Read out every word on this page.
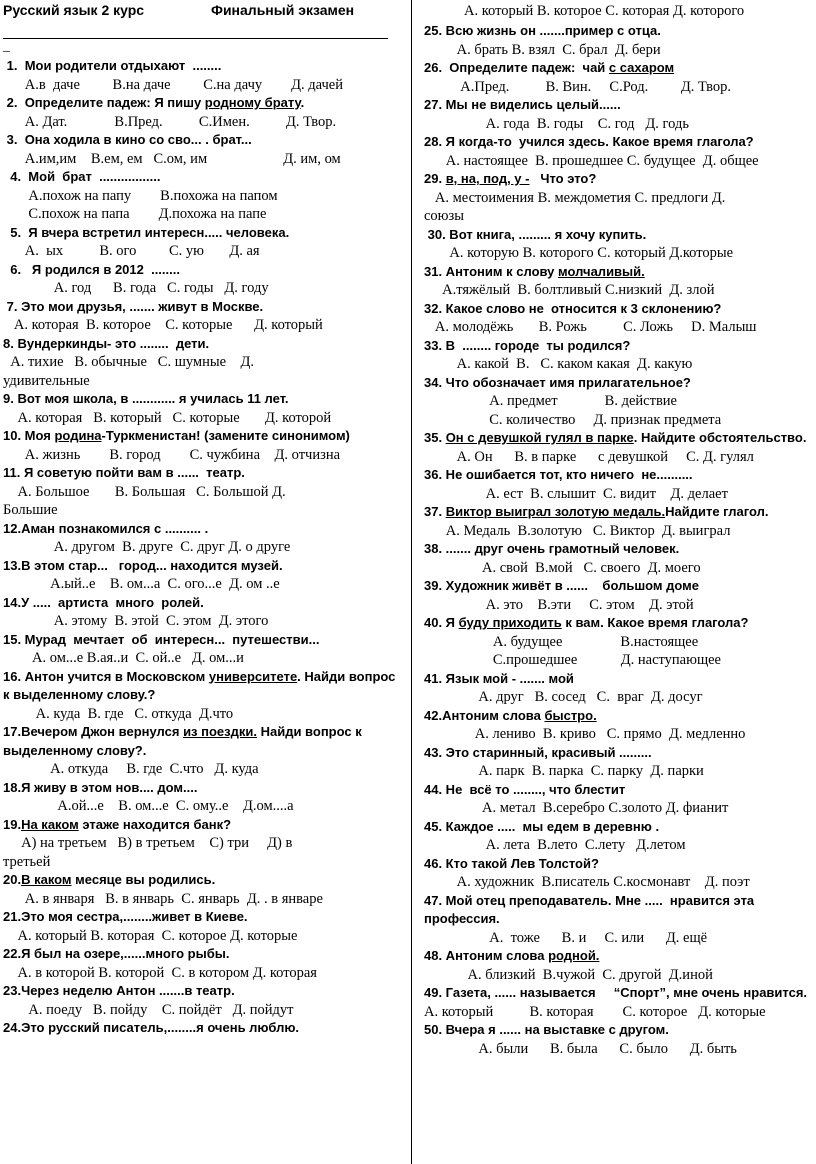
Русский язык 2 курс	Финальный экзамен
_
1.  Мои родители отдыхают  ........
А.в  даче         В.на даче         С.на дачу        Д. дачей
2.  Определите падеж: Я пишу родному брату.
А. Дат.             В.Пред.          С.Имен.          Д. Твор.
3.  Она ходила в кино со сво... . брат...
А.им,им    В.ем, ем   С.ом, им                     Д. им, ом
4.  Мой  брат  .................
А.похож на папу        В.похожа на папом
С.похож на папа        Д.похожа на папе
5.  Я вчера встретил интересн..... человека.
А.  ых          В. ого         С. ую       Д. ая
6.   Я родился в 2012  ........
А. год      В. года   С. годы   Д. году
7. Это мои друзья, ....... живут в Москве.
А. которая  В. которое    С. которые      Д. который
8. Вундеркинды- это ........  дети.
А. тихие   В. обычные   С. шумные    Д.
удивительные
9. Вот моя школа, в ............ я училась 11 лет.
А. которая   В. который   С. которые       Д. которой
10. Моя родина-Туркменистан! (замените синонимом)
А. жизнь        В. город        С. чужбина    Д. отчизна
11. Я советую пойти вам в ......  театр.
А. Большое       В. Большая   С. Большой Д.
Большие
12.Аман познакомился с .......... .
А. другом  В. друге  С. друг Д. о друге
13.В этом стар...   город... находится музей.
А.ый..е    В. ом...а  С. ого...е  Д. ом ..е
14.У .....  артиста  много  ролей.
А. этому  В. этой  С. этом  Д. этого
15. Мурад  мечтает  об  интересн...  путешестви...
А. ом...е В.ая..и  С. ой..е   Д. ом...и
16. Антон учится в Московском университете. Найди вопрос к выделенному слову.?
А. куда  В. где   С. откуда  Д.что
17.Вечером Джон вернулся из поездки. Найди вопрос к выделенному слову?.
А. откуда     В. где  С.что   Д. куда
18.Я живу в этом нов.... дом....
А.ой...е    В. ом...е  С. ому..е    Д.ом....а
19.На каком этаже находится банк?
А) на третьем   В) в третьем    С) три     Д) в
третьей
20.В каком месяце вы родились.
А. в января   В. в январь  С. январь  Д. . в январе
21.Это моя сестра,........живет в Киеве.
А. который В. которая  С. которое Д. которые
22.Я был на озере,......много рыбы.
А. в которой В. которой  С. в котором Д. которая
23.Через неделю Антон .......в театр.
А. поеду   В. пойду    С. пойдёт   Д. пойдут
24.Это русский писатель,........я очень люблю.
А. который В. которое С. которая Д. которого
25. Всю жизнь он .......пример с отца.
А. брать В. взял  С. брал  Д. бери
26.  Определите падеж:  чай с сахаром
А.Пред.          В. Вин.     С.Род.         Д. Твор.
27. Мы не виделись целый......
А. года  В. годы    С. год   Д. годь
28. Я когда-то  учился здесь. Какое время глагола?
А. настоящее  В. прошедшее С. будущее  Д. общее
29. в, на, под, у -   Что это?
А. местоимения В. междометия С. предлоги Д.
союзы
30. Вот книга, ......... я хочу купить.
А. которую В. которого С. который Д.которые
31. Антоним к слову молчаливый.
А.тяжёлый  В. болтливый С.низкий  Д. злой
32. Какое слово не  относится к 3 склонению?
А. молодёжь       В. Рожь          С. Ложь     D. Малыш
33. В  ........ городе  ты родился?
А. какой  В.   С. каком какая  Д. какую
34. Что обозначает имя прилагательное?
А. предмет             В. действие
С. количество     Д. признак предмета
35. Он с девушкой гулял в парке. Найдите обстоятельство.
А. Он      В. в парке      с девушкой     С. Д. гулял
36. Не ошибается тот, кто ничего  не..........
А. ест  В. слышит  С. видит    Д. делает
37. Виктор выиграл золотую медаль.Найдите глагол.
А. Медаль  В.золотую   С. Виктор  Д. выиграл
38. ....... друг очень грамотный человек.
А. свой  В.мой   С. своего  Д. моего
39. Художник живёт в ......    большом доме
А. это    В.эти     С. этом    Д. этой
40. Я буду приходить к вам. Какое время глагола?
А. будущее                В.настоящее
С.прошедшее            Д. наступающее
41. Язык мой - ....... мой
А. друг   В. сосед   С.  враг  Д. досуг
42.Антоним слова быстро.
А. лениво  В. криво   С. прямо  Д. медленно
43. Это старинный, красивый .........
А. парк  В. парка  С. парку  Д. парки
44. Не  всё то ........, что блестит
А. метал  В.серебро С.золото Д. фианит
45. Каждое .....  мы едем в деревню .
А. лета  В.лето  С.лету   Д.летом
46. Кто такой Лев Толстой?
А. художник  В.писатель С.космонавт    Д. поэт
47. Мой отец преподаватель. Мне .....  нравится эта профессия.
А.  тоже      В. и     С. или      Д. ещё
48. Антоним слова родной.
А. близкий  В.чужой  С. другой  Д.иной
49. Газета, ...... называется     “Спорт”, мне очень нравится.
А. который          В. которая        С. которое   Д. которые
50. Вчера я ...... на выставке с другом.
А. были      В. была      С. было      Д. быть
